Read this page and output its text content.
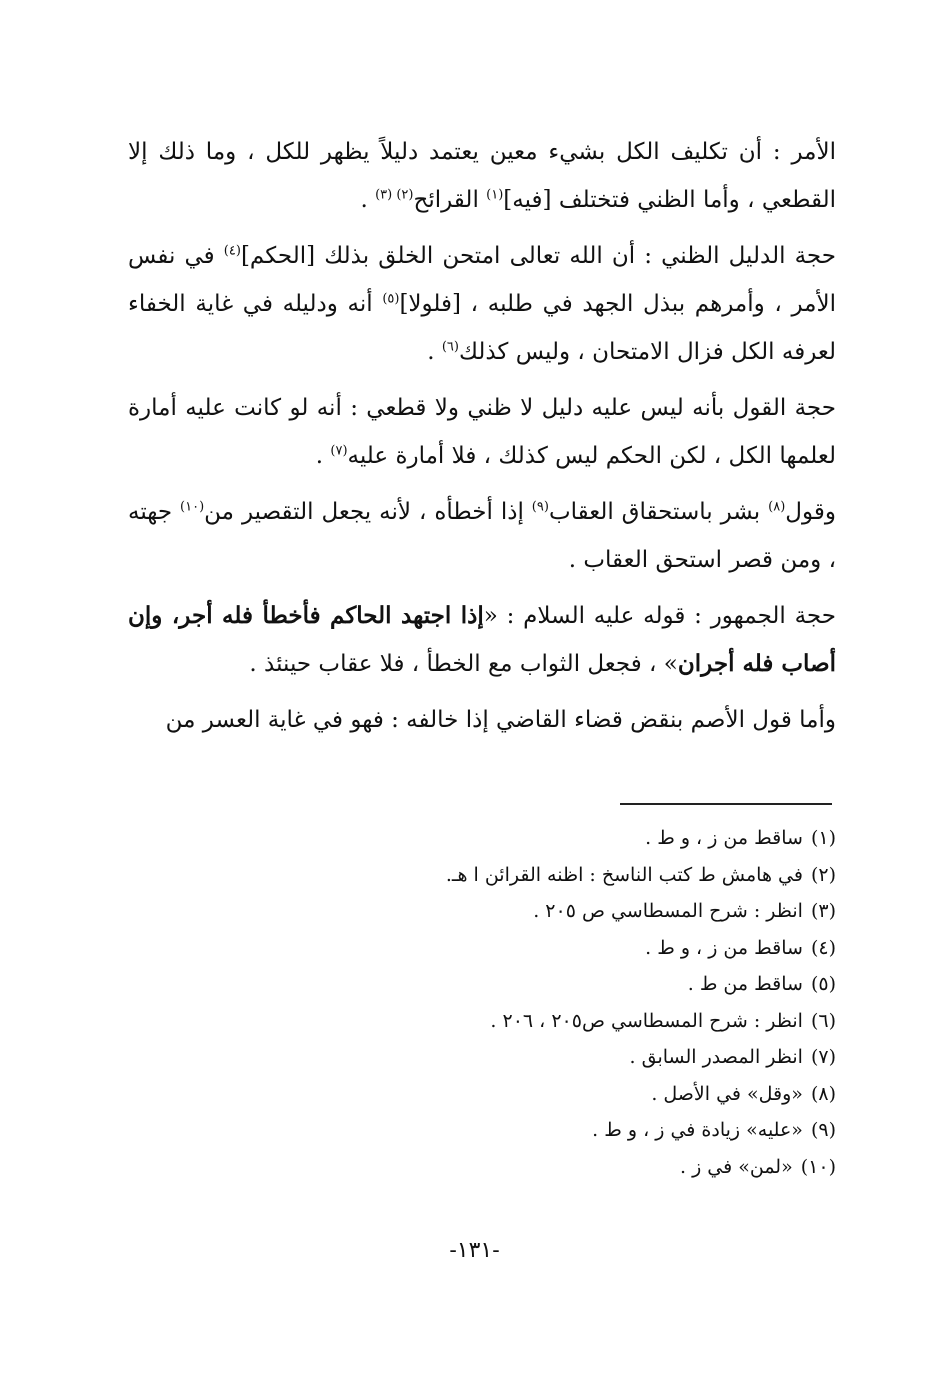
الأمر : أن تكليف الكل بشيء معين يعتمد دليلاً يظهر للكل ، وما ذلك إلا القطعي ، وأما الظني فتختلف [فيه]$^{(١)}$ القرائح$^{(٢) (٣)}$ .

حجة الدليل الظني : أن الله تعالى امتحن الخلق بذلك [الحكم]$^{(٤)}$ في نفس الأمر ، وأمرهم ببذل الجهد في طلبه ، [فلولا]$^{(٥)}$ أنه ودليله في غاية الخفاء لعرفه الكل فزال الامتحان ، وليس كذلك$^{(٦)}$ .

حجة القول بأنه ليس عليه دليل لا ظني ولا قطعي : أنه لو كانت عليه أمارة لعلمها الكل ، لكن الحكم ليس كذلك ، فلا أمارة عليه$^{(٧)}$ .

وقول$^{(٨)}$ بشر باستحقاق العقاب$^{(٩)}$ إذا أخطأه ، لأنه يجعل التقصير من$^{(١٠)}$ جهته ، ومن قصر استحق العقاب .

حجة الجمهور : قوله عليه السلام : «إذا اجتهد الحاكم فأخطأ فله أجر، وإن أصاب فله أجران» ، فجعل الثواب مع الخطأ ، فلا عقاب حينئذ .

وأما قول الأصم بنقض قضاء القاضي إذا خالفه : فهو في غاية العسر من

(١)ساقط من ز ، و ط .
(٢)في هامش ط كتب الناسخ : اظنه القرائن ا هـ.
(٣)انظر : شرح المسطاسي ص ٢٠٥ .
(٤)ساقط من ز ، و ط .
(٥)ساقط من ط .
(٦)انظر : شرح المسطاسي ص٢٠٥ ، ٢٠٦ .
(٧)انظر المصدر السابق .
(٨)«وقل» في الأصل .
(٩)«عليه» زيادة في ز ، و ط .
(١٠)«لمن» في ز .
-١٣١-
